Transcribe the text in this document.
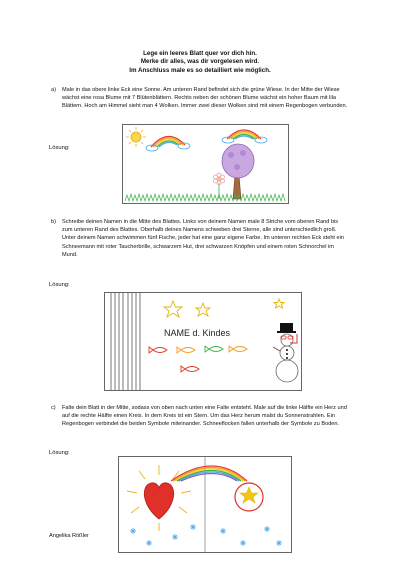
Lege ein leeres Blatt quer vor dich hin.
Merke dir alles, was dir vorgelesen wird.
Im Anschluss male es so detailliert wie möglich.
a) Male in das obere linke Eck eine Sonne. Am unteren Rand befindet sich die grüne Wiese. In der Mitte der Wiese wächst eine rosa Blume mit 7 Blütenblättern. Rechts neben der schönen Blume wächst ein hoher Baum mit lila Blättern. Hoch am Himmel sieht man 4 Wolken. Immer zwei dieser Wolken sind mit einem Regenbogen verbunden.
Lösung:
b) Schreibe deinen Namen in die Mitte des Blattes. Links von deinem Namen male 8 Striche vom oberen Rand bis zum unteren Rand des Blattes. Oberhalb deines Namens schweben drei Sterne, alle sind unterschiedlich groß. Unter deinem Namen schwimmen fünf Fische, jeder hat eine ganz eigene Farbe. Im unteren rechten Eck steht ein Schneemann mit roter Taucherbrille, schwarzem Hut, drei schwarzen Knöpfen und einem roten Schnorchel im Mund.
Lösung:
NAME d. Kindes
c) Falte dein Blatt in der Mitte, sodass von oben nach unten eine Falte entsteht. Male auf die linke Hälfte ein Herz und auf die rechte Hälfte einen Kreis. In dem Kreis ist ein Stern. Um das Herz herum malst du Sonnenstrahlen. Ein Regenbogen verbindet die beiden Symbole miteinander. Schneeflocken fallen unterhalb der Symbole zu Boden.
Lösung:
Angelika Rößler
